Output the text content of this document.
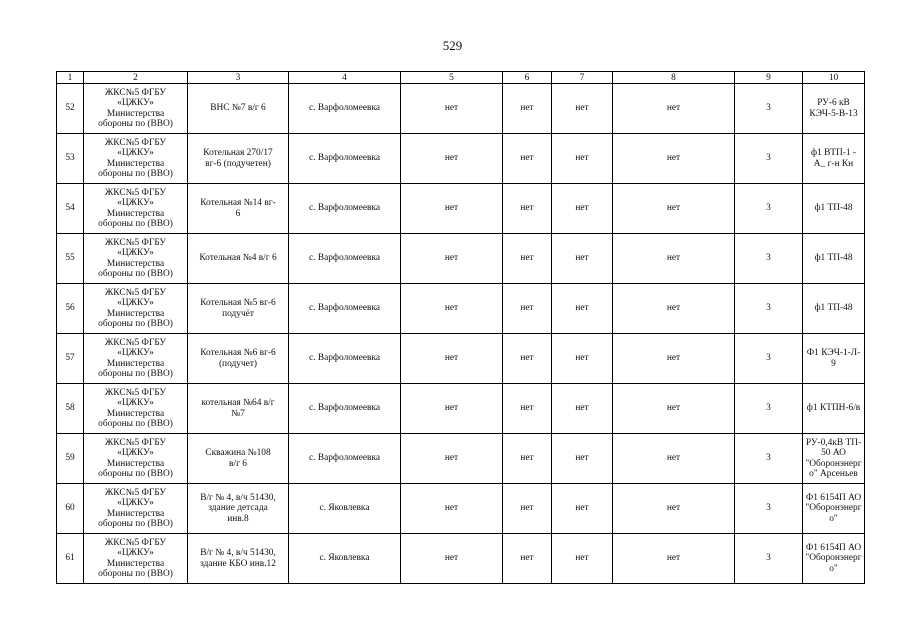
529
1	2	3	4	5	6	7	8	9	10
52	ЖКС№5 ФГБУ
«ЦЖКУ»
Министерства
обороны по (ВВО)	ВНС №7 в/г 6	с. Варфоломеевка	нет	нет	нет	нет	3	РУ-6 кВ
КЭЧ-5-В-13
53	ЖКС№5 ФГБУ
«ЦЖКУ»
Министерства
обороны по (ВВО)	Котельная 270/17
вг-6 (подучетен)	с. Варфоломеевка	нет	нет	нет	нет	3	ф1 ВТП-1 -
А_ г-н Кн
54	ЖКС№5 ФГБУ
«ЦЖКУ»
Министерства
обороны по (ВВО)	Котельная №14 вг-
6	с. Варфоломеевка	нет	нет	нет	нет	3	ф1 ТП-48
55	ЖКС№5 ФГБУ
«ЦЖКУ»
Министерства
обороны по (ВВО)	Котельная №4 в/г 6	с. Варфоломеевка	нет	нет	нет	нет	3	ф1 ТП-48
56	ЖКС№5 ФГБУ
«ЦЖКУ»
Министерства
обороны по (ВВО)	Котельная №5 вг-6
подучёт	с. Варфоломеевка	нет	нет	нет	нет	3	ф1 ТП-48
57	ЖКС№5 ФГБУ
«ЦЖКУ»
Министерства
обороны по (ВВО)	Котельная №6 вг-6
(подучет)	с. Варфоломеевка	нет	нет	нет	нет	3	Ф1 КЭЧ-1-Л-
9
58	ЖКС№5 ФГБУ
«ЦЖКУ»
Министерства
обороны по (ВВО)	котельная №64 в/г
№7	с. Варфоломеевка	нет	нет	нет	нет	3	ф1 КТПН-6/в
59	ЖКС№5 ФГБУ
«ЦЖКУ»
Министерства
обороны по (ВВО)	Скважина №108
в/г 6	с. Варфоломеевка	нет	нет	нет	нет	3	РУ-0,4кВ ТП-
50 АО
"Оборонэнерг
о" Арсеньев
60	ЖКС№5 ФГБУ
«ЦЖКУ»
Министерства
обороны по (ВВО)	В/г № 4, в/ч 51430,
здание детсада
инв.8	с. Яковлевка	нет	нет	нет	нет	3	Ф1 6154П АО
"Оборонэнерг
о"
61	ЖКС№5 ФГБУ
«ЦЖКУ»
Министерства
обороны по (ВВО)	В/г № 4, в/ч 51430,
здание КБО инв.12	с. Яковлевка	нет	нет	нет	нет	3	Ф1 6154П АО
"Оборонэнерг
о"
